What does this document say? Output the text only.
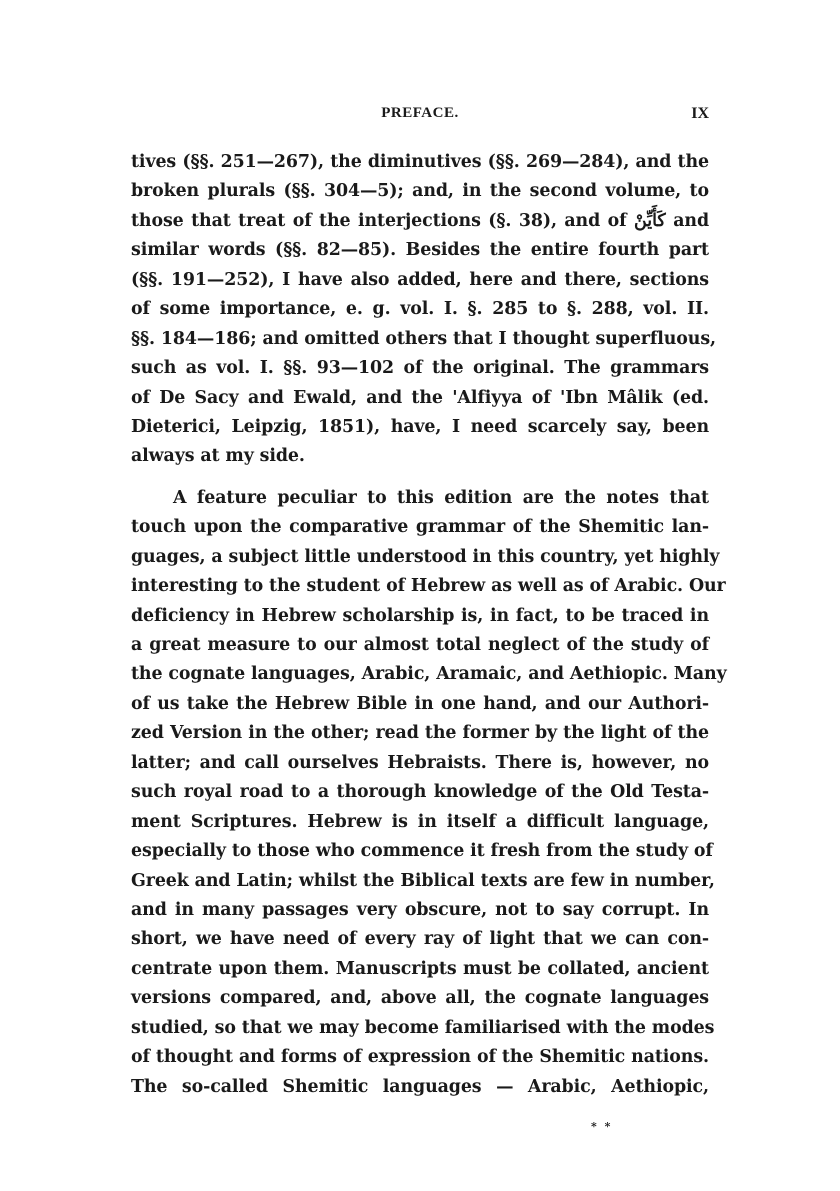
PREFACE.	IX
tives (§§. 251—267), the diminutives (§§. 269—284), and the
broken plurals (§§. 304—5); and, in the second volume, to
those that treat of the interjections (§. 38), and of كَأَيِّنْ and
similar words (§§. 82—85). Besides the entire fourth part
(§§. 191—252), I have also added, here and there, sections
of some importance, e. g. vol. I. §. 285 to §. 288, vol. II.
§§. 184—186; and omitted others that I thought superfluous,
such as vol. I. §§. 93—102 of the original. The grammars
of De Sacy and Ewald, and the 'Alfiyya of 'Ibn Mâlik (ed.
Dieterici, Leipzig, 1851), have, I need scarcely say, been
always at my side.
A feature peculiar to this edition are the notes that
touch upon the comparative grammar of the Shemitic lan-
guages, a subject little understood in this country, yet highly
interesting to the student of Hebrew as well as of Arabic. Our
deficiency in Hebrew scholarship is, in fact, to be traced in
a great measure to our almost total neglect of the study of
the cognate languages, Arabic, Aramaic, and Aethiopic. Many
of us take the Hebrew Bible in one hand, and our Authori-
zed Version in the other; read the former by the light of the
latter; and call ourselves Hebraists. There is, however, no
such royal road to a thorough knowledge of the Old Testa-
ment Scriptures. Hebrew is in itself a difficult language,
especially to those who commence it fresh from the study of
Greek and Latin; whilst the Biblical texts are few in number,
and in many passages very obscure, not to say corrupt. In
short, we have need of every ray of light that we can con-
centrate upon them. Manuscripts must be collated, ancient
versions compared, and, above all, the cognate languages
studied, so that we may become familiarised with the modes
of thought and forms of expression of the Shemitic nations.
The so-called Shemitic languages — Arabic, Aethiopic,
* *
